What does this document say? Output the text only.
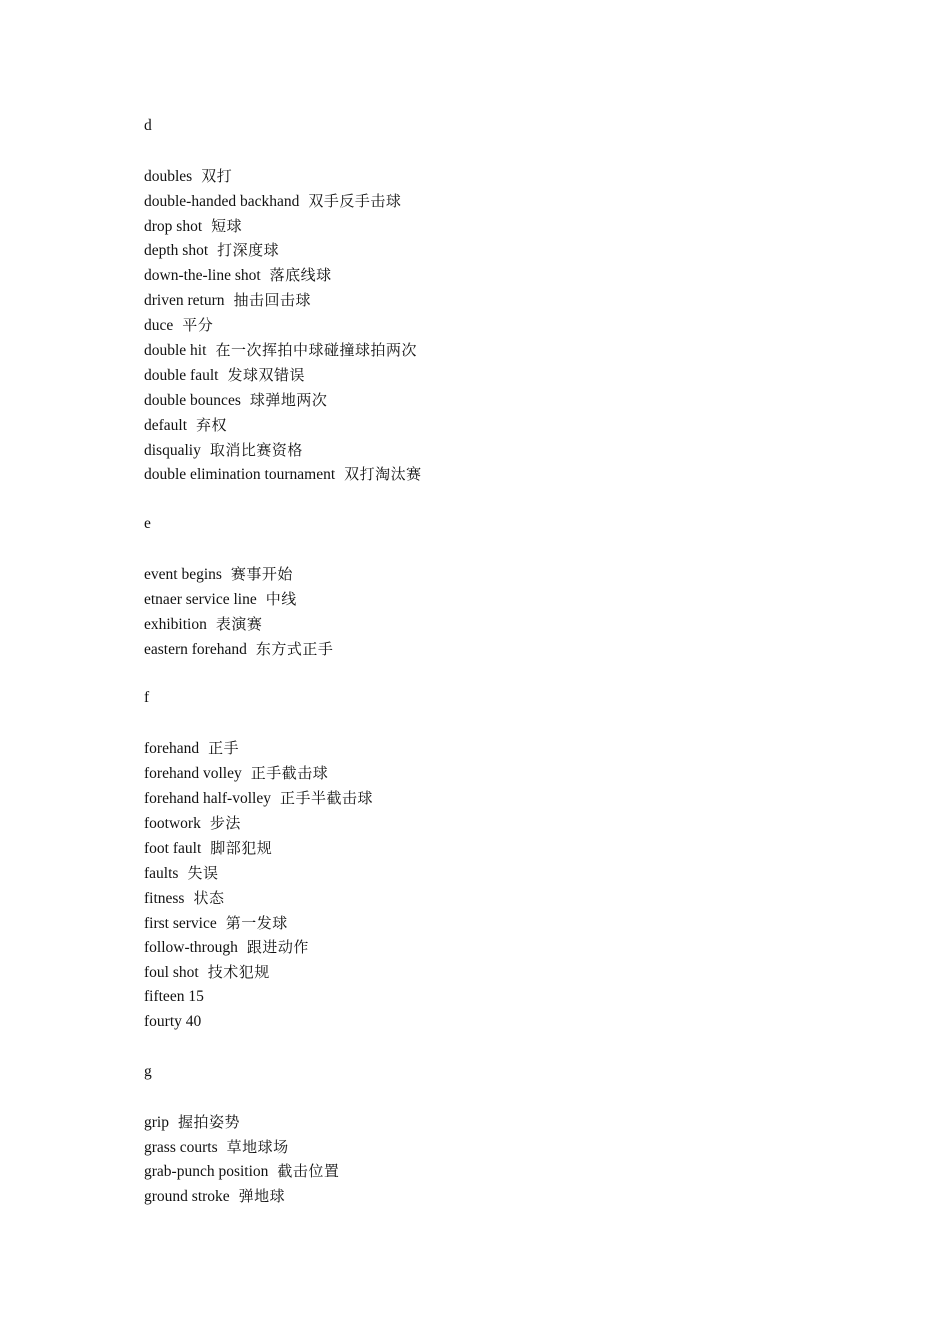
d
doubles 双打
double-handed backhand 双手反手击球
drop shot 短球
depth shot 打深度球
down-the-line shot 落底线球
driven return 抽击回击球
duce 平分
double hit 在一次挥拍中球碰撞球拍两次
double fault 发球双错误
double bounces 球弹地两次
default 弃权
disqualiy 取消比赛资格
double elimination tournament 双打淘汰赛
e
event begins 赛事开始
etnaer service line 中线
exhibition 表演赛
eastern forehand 东方式正手
f
forehand 正手
forehand volley 正手截击球
forehand half-volley 正手半截击球
footwork 步法
foot fault 脚部犯规
faults 失误
fitness 状态
first service 第一发球
follow-through 跟进动作
foul shot 技术犯规
fifteen 15
fourty 40
g
grip 握拍姿势
grass courts 草地球场
grab-punch position 截击位置
ground stroke 弹地球
